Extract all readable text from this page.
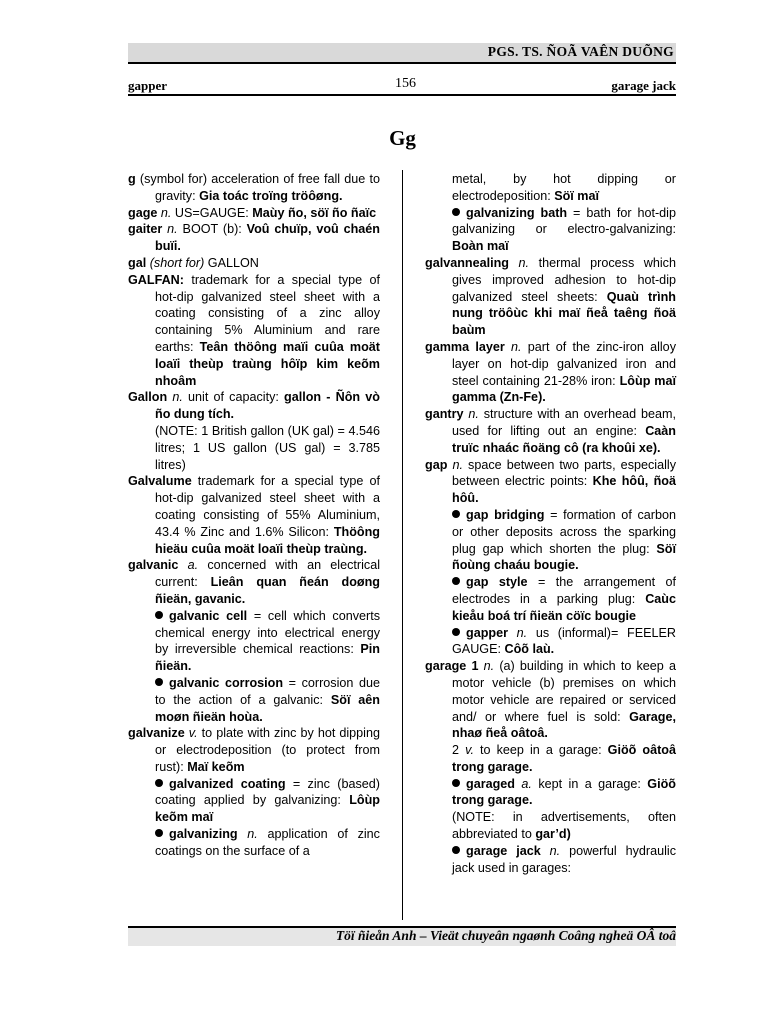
PGS. TS. ÑOÃ VAÊN DUÕNG
gapper	156	garage jack
Gg

g (symbol for) acceleration of free fall due to gravity: Gia toác troïng tröôøng.

gage n. US=GAUGE: Maùy ño, söï ño ñaïc

gaiter n. BOOT (b): Voû chuïp, voû chaén buïi.

gal (short for) GALLON

GALFAN: trademark for a special type of hot-dip galvanized steel sheet with a coating consisting of a zinc alloy containing 5% Aluminium and rare earths: Teân thöông maïi cuûa moät loaïi theùp traùng hôïp kim keõm nhoâm

Gallon n. unit of capacity: gallon - Ñôn vò ño dung tích.

(NOTE: 1 British gallon (UK gal) = 4.546 litres; 1 US gallon (US gal) = 3.785 litres)

Galvalume trademark for a special type of hot-dip galvanized steel sheet with a coating consisting of 55% Aluminium, 43.4 % Zinc and 1.6% Silicon: Thöông hieäu cuûa moät loaïi theùp traùng.

galvanic a. concerned with an electrical current: Lieân quan ñeán doøng ñieän, gavanic.

galvanic cell = cell which converts chemical energy into electrical energy by irreversible chemical reactions: Pin ñieän.

galvanic corrosion = corrosion due to the action of a galvanic: Söï aên moøn ñieän hoùa.

galvanize v. to plate with zinc by hot dipping or electrodeposition (to protect from rust): Maï keõm

galvanized coating = zinc (based) coating applied by galvanizing: Lôùp keõm maï

galvanizing n. application of zinc coatings on the surface of a

metal, by hot dipping or electrodeposition: Söï maï

galvanizing bath = bath for hot-dip galvanizing or electro-galvanizing: Boàn maï

galvannealing n. thermal process which gives improved adhesion to hot-dip galvanized steel sheets: Quaù trình nung tröôùc khi maï ñeå taêng ñoä baùm

gamma layer n. part of the zinc-iron alloy layer on hot-dip galvanized iron and steel containing 21-28% iron: Lôùp maï gamma (Zn-Fe).

gantry n. structure with an overhead beam, used for lifting out an engine: Caàn truïc nhaác ñoäng cô (ra khoûi xe).

gap n. space between two parts, especially between electric points: Khe hôû, ñoä hôû.

gap bridging = formation of carbon or other deposits across the sparking plug gap which shorten the plug: Söï ñoùng chaáu bougie.

gap style = the arrangement of electrodes in a parking plug: Caùc kieåu boá trí ñieän cöïc bougie

gapper n. us (informal)= FEELER GAUGE: Côõ laù.

garage 1 n. (a) building in which to keep a motor vehicle (b) premises on which motor vehicle are repaired or serviced and/ or where fuel is sold: Garage, nhaø ñeå oâtoâ.

2 v. to keep in a garage: Giöõ oâtoâ trong garage.

garaged a. kept in a garage: Giöõ trong garage.

(NOTE: in advertisements, often abbreviated to gar’d)

garage jack n. powerful hydraulic jack used in garages:

Töï ñieån Anh – Vieät chuyeân ngaønh Coâng ngheä OÂ toâ
